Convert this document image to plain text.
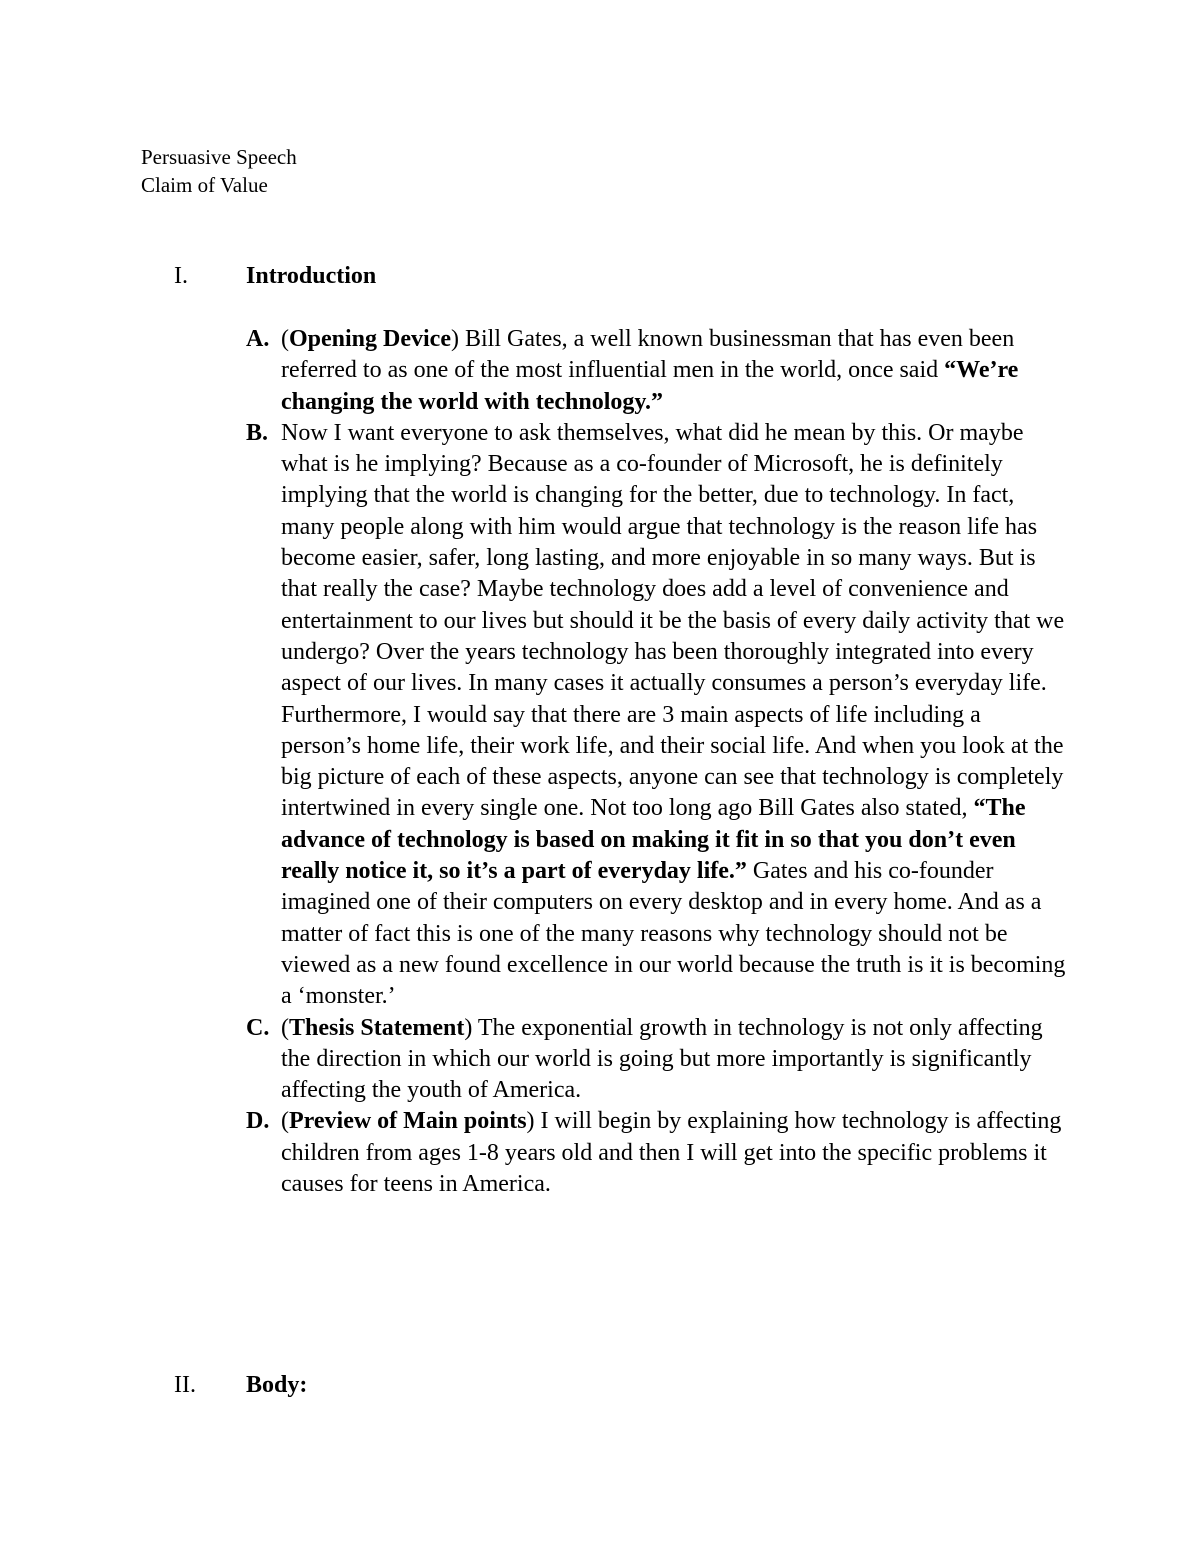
Persuasive Speech
Claim of Value
I. Introduction
A. (Opening Device) Bill Gates, a well known businessman that has even been referred to as one of the most influential men in the world, once said “We’re changing the world with technology.”
B. Now I want everyone to ask themselves, what did he mean by this. Or maybe what is he implying? Because as a co-founder of Microsoft, he is definitely implying that the world is changing for the better, due to technology. In fact, many people along with him would argue that technology is the reason life has become easier, safer, long lasting, and more enjoyable in so many ways. But is that really the case? Maybe technology does add a level of convenience and entertainment to our lives but should it be the basis of every daily activity that we undergo? Over the years technology has been thoroughly integrated into every aspect of our lives. In many cases it actually consumes a person’s everyday life. Furthermore, I would say that there are 3 main aspects of life including a person’s home life, their work life, and their social life. And when you look at the big picture of each of these aspects, anyone can see that technology is completely intertwined in every single one. Not too long ago Bill Gates also stated, “The advance of technology is based on making it fit in so that you don’t even really notice it, so it’s a part of everyday life.” Gates and his co-founder imagined one of their computers on every desktop and in every home. And as a matter of fact this is one of the many reasons why technology should not be viewed as a new found excellence in our world because the truth is it is becoming a ‘monster.’
C. (Thesis Statement) The exponential growth in technology is not only affecting the direction in which our world is going but more importantly is significantly affecting the youth of America.
D. (Preview of Main points) I will begin by explaining how technology is affecting children from ages 1-8 years old and then I will get into the specific problems it causes for teens in America.
II. Body:
